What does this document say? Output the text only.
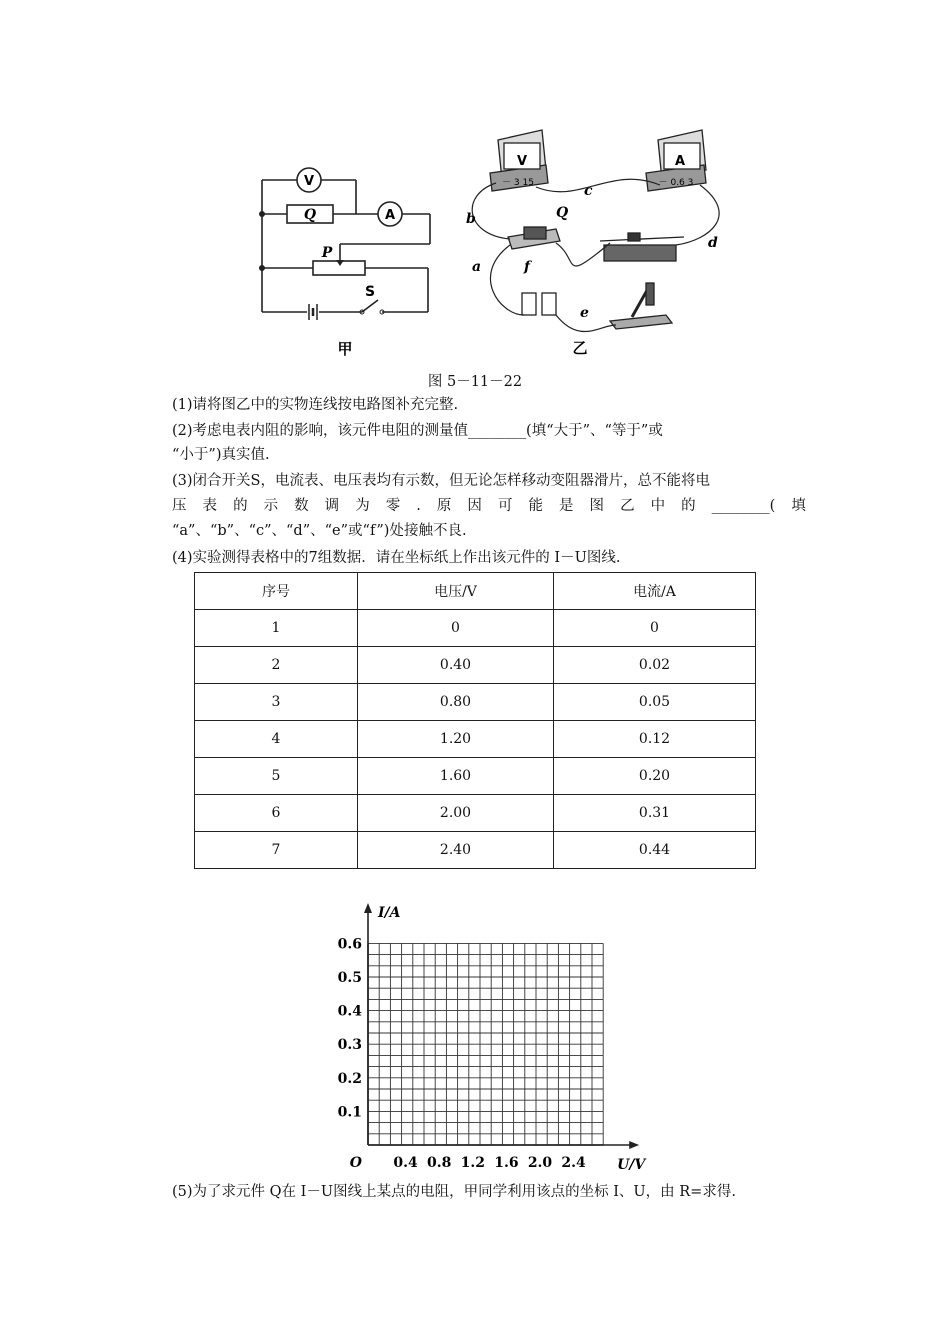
V
A
Q
P
S
甲
V
－ 3 15
A
－ 0.6 3
b
a
Q
c
d
f
e
乙
图 5－11－22
(1)请将图乙中的实物连线按电路图补充完整.
(2)考虑电表内阻的影响，该元件电阻的测量值________(填“大于”、“等于”或
“小于”)真实值.
(3)闭合开关S，电流表、电压表均有示数，但无论怎样移动变阻器滑片，总不能将电
压 表 的 示 数 调 为 零 . 原 因 可 能 是 图 乙 中 的 ________( 填
“a”、“b”、“c”、“d”、“e”或“f”)处接触不良.
(4)实验测得表格中的7组数据．请在坐标纸上作出该元件的 I－U图线.
序号	电压/V	电流/A
1	0	0
2	0.40	0.02
3	0.80	0.05
4	1.20	0.12
5	1.60	0.20
6	2.00	0.31
7	2.40	0.44
0.1
0.2
0.3
0.4
0.5
0.6
0.4 0.8 1.2 1.6 2.0 2.4
O
I/A
U/V
(5)为了求元件 Q在 I－U图线上某点的电阻，甲同学利用该点的坐标 I、U，由 R=求得.
